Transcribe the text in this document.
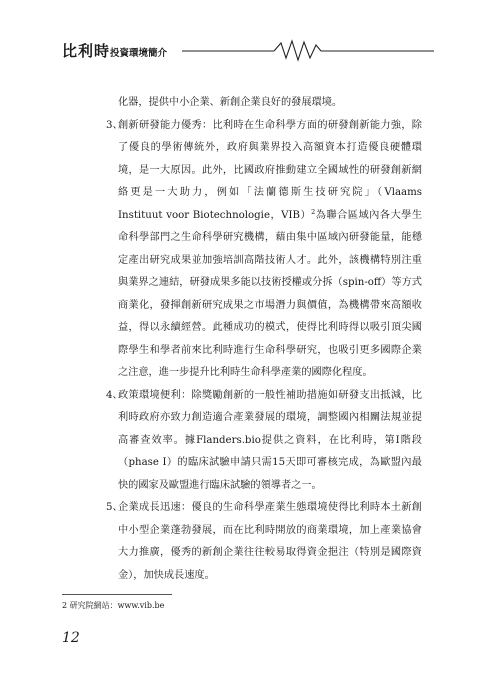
比利時投資環境簡介
化器，提供中小企業、新創企業良好的發展環境。
3、
創新研發能力優秀：比利時在生命科學方面的研發創新能力強，除了優良的學術傳統外，政府與業界投入高額資本打造優良硬體環境，是一大原因。此外，比國政府推動建立全國域性的研發創新網絡更是一大助力，例如「法蘭德斯生技研究院」（Vlaams Instituut voor Biotechnologie，VIB）$^2$為聯合區域內各大學生命科學部門之生命科學研究機構，藉由集中區域內研發能量，能穩定產出研究成果並加強培訓高階技術人才。此外，該機構特別注重與業界之連結，研發成果多能以技術授權或分拆（spin-off）等方式商業化，發揮創新研究成果之市場潛力與價值，為機構帶來高額收益，得以永續經營。此種成功的模式，使得比利時得以吸引頂尖國際學生和學者前來比利時進行生命科學研究，也吸引更多國際企業之注意，進一步提升比利時生命科學產業的國際化程度。
4、
政策環境便利：除獎勵創新的一般性補助措施如研發支出抵減，比利時政府亦致力創造適合產業發展的環境，調整國內相關法規並提高審查效率。據Flanders.bio提供之資料，在比利時，第I階段（phase I）的臨床試驗申請只需15天即可審核完成，為歐盟內最快的國家及歐盟進行臨床試驗的領導者之一。
5、
企業成長迅速：優良的生命科學產業生態環境使得比利時本土新創中小型企業蓬勃發展，而在比利時開放的商業環境，加上產業協會大力推廣，優秀的新創企業往往較易取得資金挹注（特別是國際資金），加快成長速度。
2 研究院網站：www.vib.be
12
